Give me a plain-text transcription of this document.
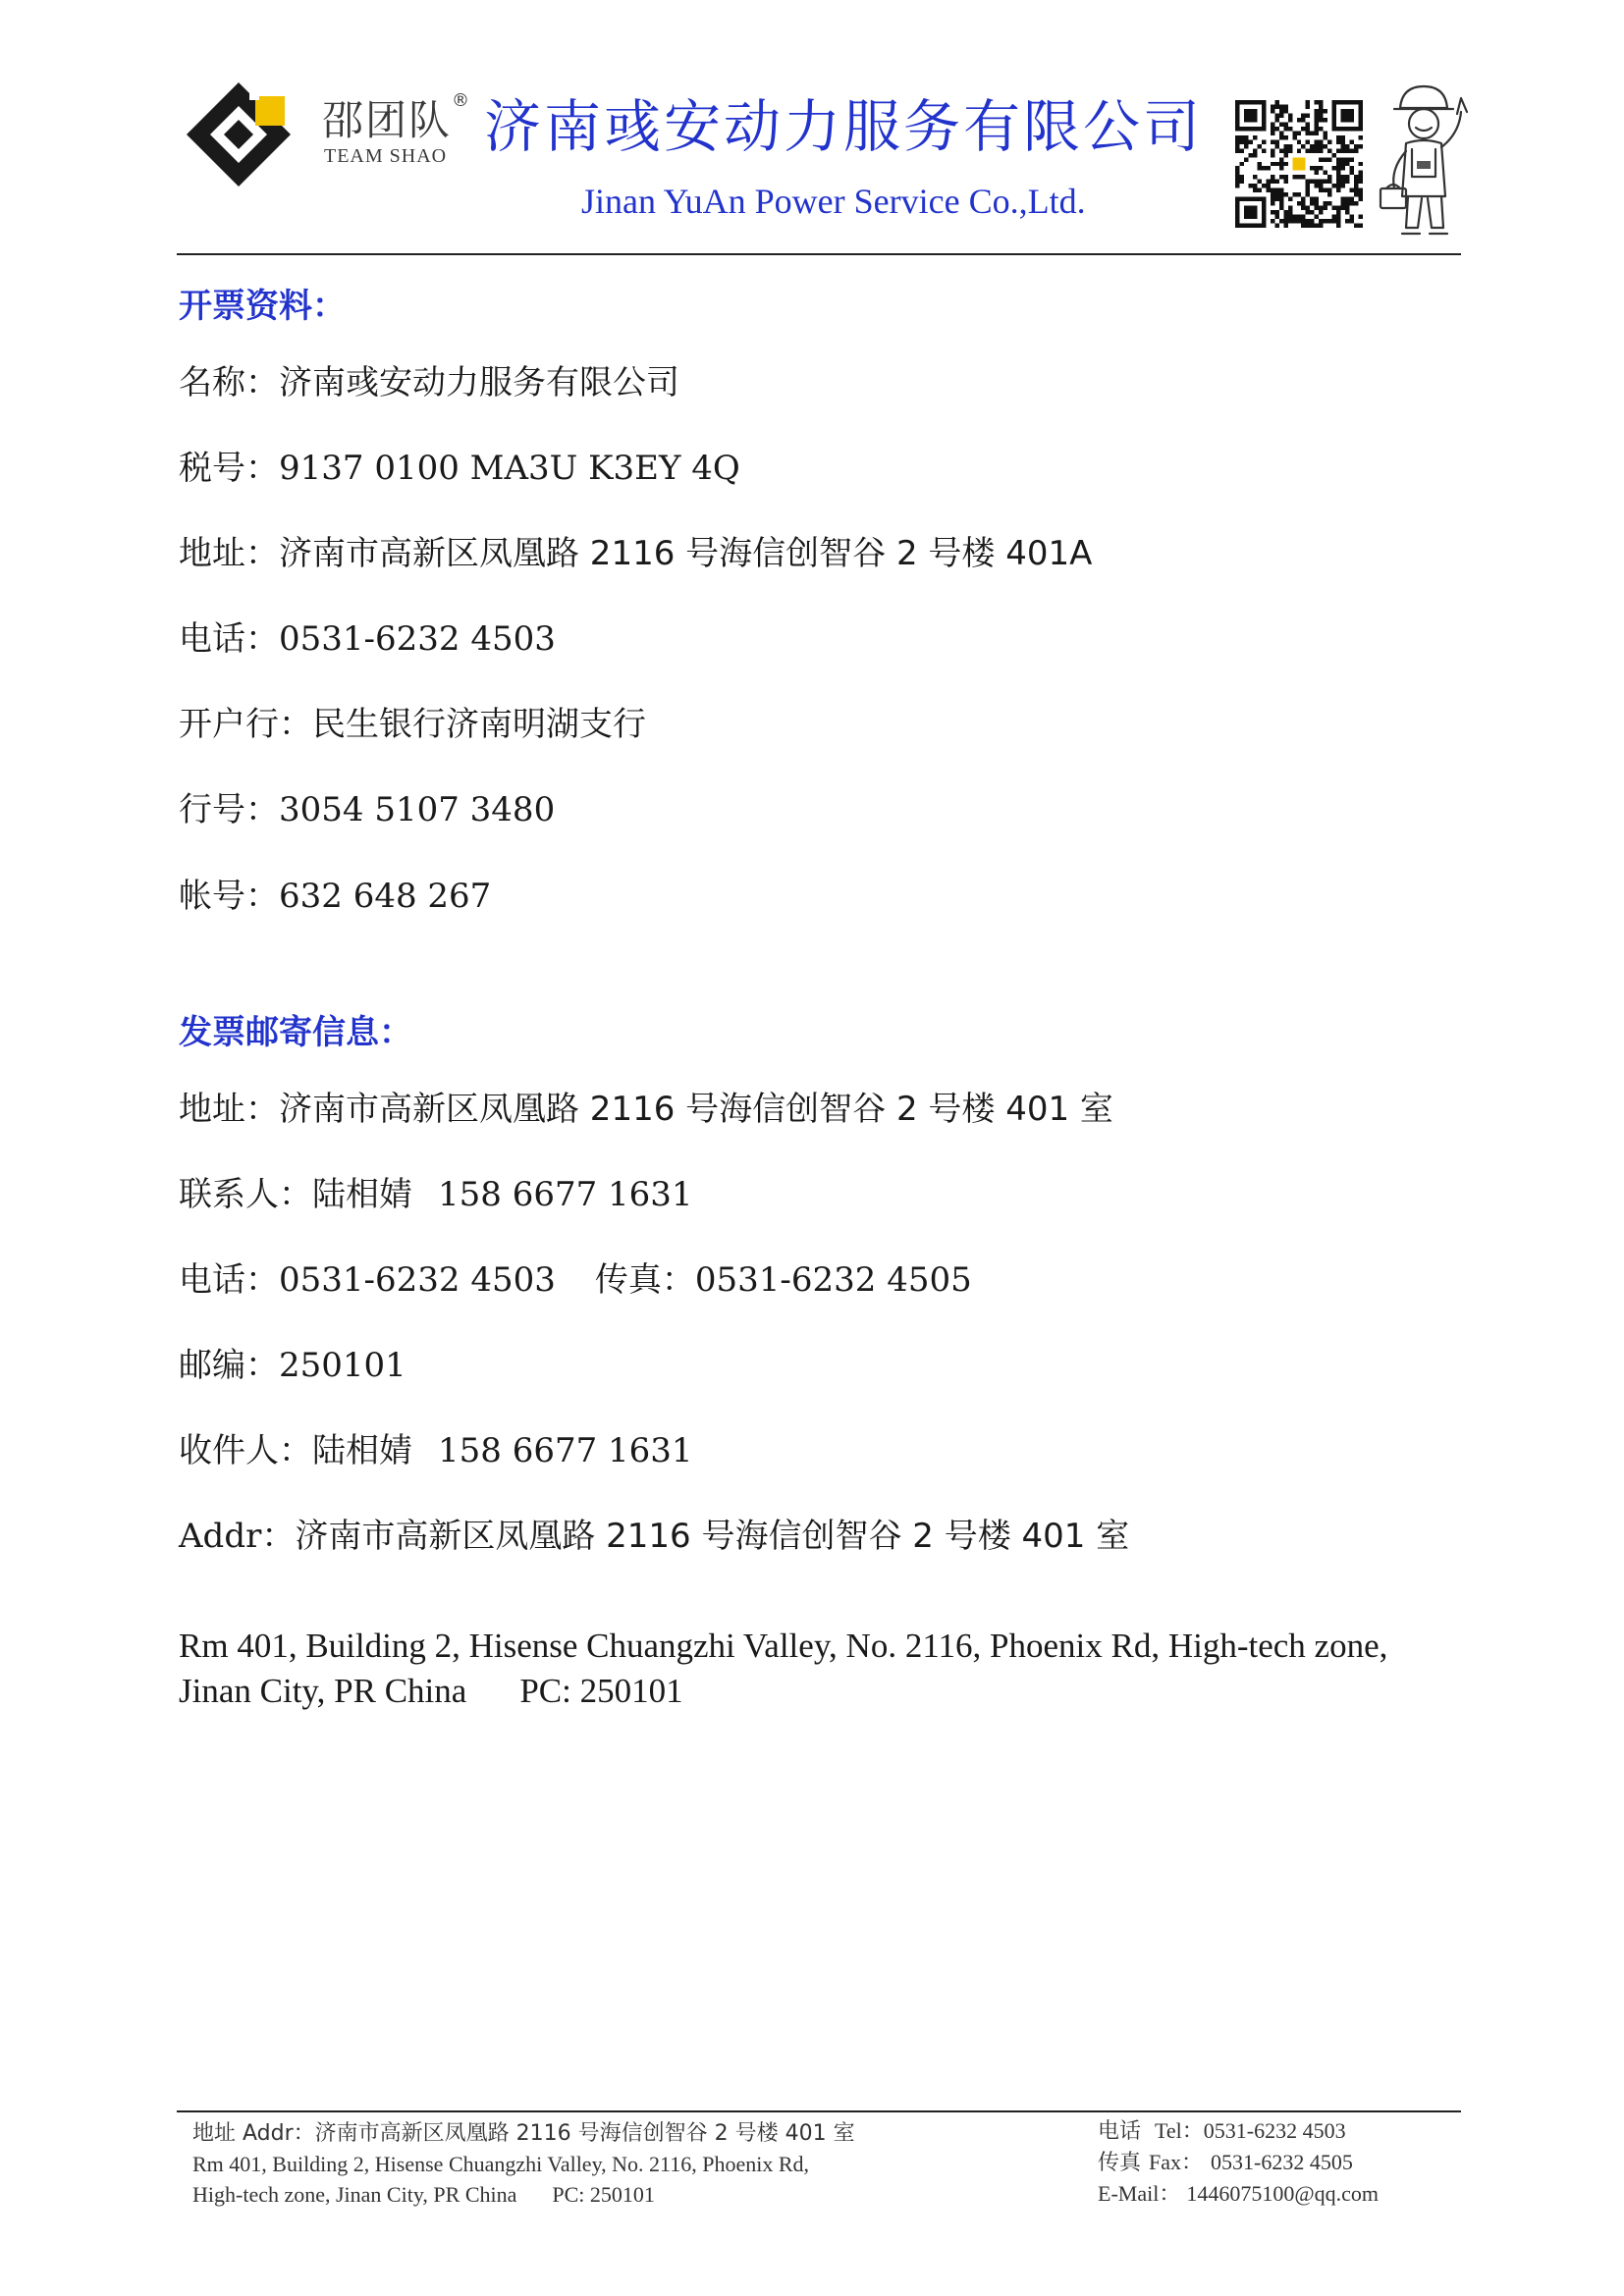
邵团队®
TEAM SHAO 济南彧安动力服务有限公司
Jinan YuAn Power Service Co.,Ltd.
开票资料：
名称：济南彧安动力服务有限公司
税号：9137 0100 MA3U K3EY 4Q
地址：济南市高新区凤凰路 2116 号海信创智谷 2 号楼 401A
电话：0531-6232 4503
开户行：民生银行济南明湖支行
行号：3054 5107 3480
帐号：632 648 267
发票邮寄信息：
地址：济南市高新区凤凰路 2116 号海信创智谷 2 号楼 401 室
联系人：陆相婧 158 6677 1631
电话：0531-6232 4503 传真：0531-6232 4505
邮编：250101
收件人：陆相婧 158 6677 1631
Addr：济南市高新区凤凰路 2116 号海信创智谷 2 号楼 401 室
Rm 401, Building 2, Hisense Chuangzhi Valley, No. 2116, Phoenix Rd, High-tech zone,
Jinan City, PR China PC: 250101
地址 Addr：济南市高新区凤凰路 2116 号海信创智谷 2 号楼 401 室
Rm 401, Building 2, Hisense Chuangzhi Valley, No. 2116, Phoenix Rd,
High-tech zone, Jinan City, PR China PC: 250101
电话 Tel：0531-6232 4503
传真 Fax： 0531-6232 4505
E-Mail： 1446075100@qq.com
